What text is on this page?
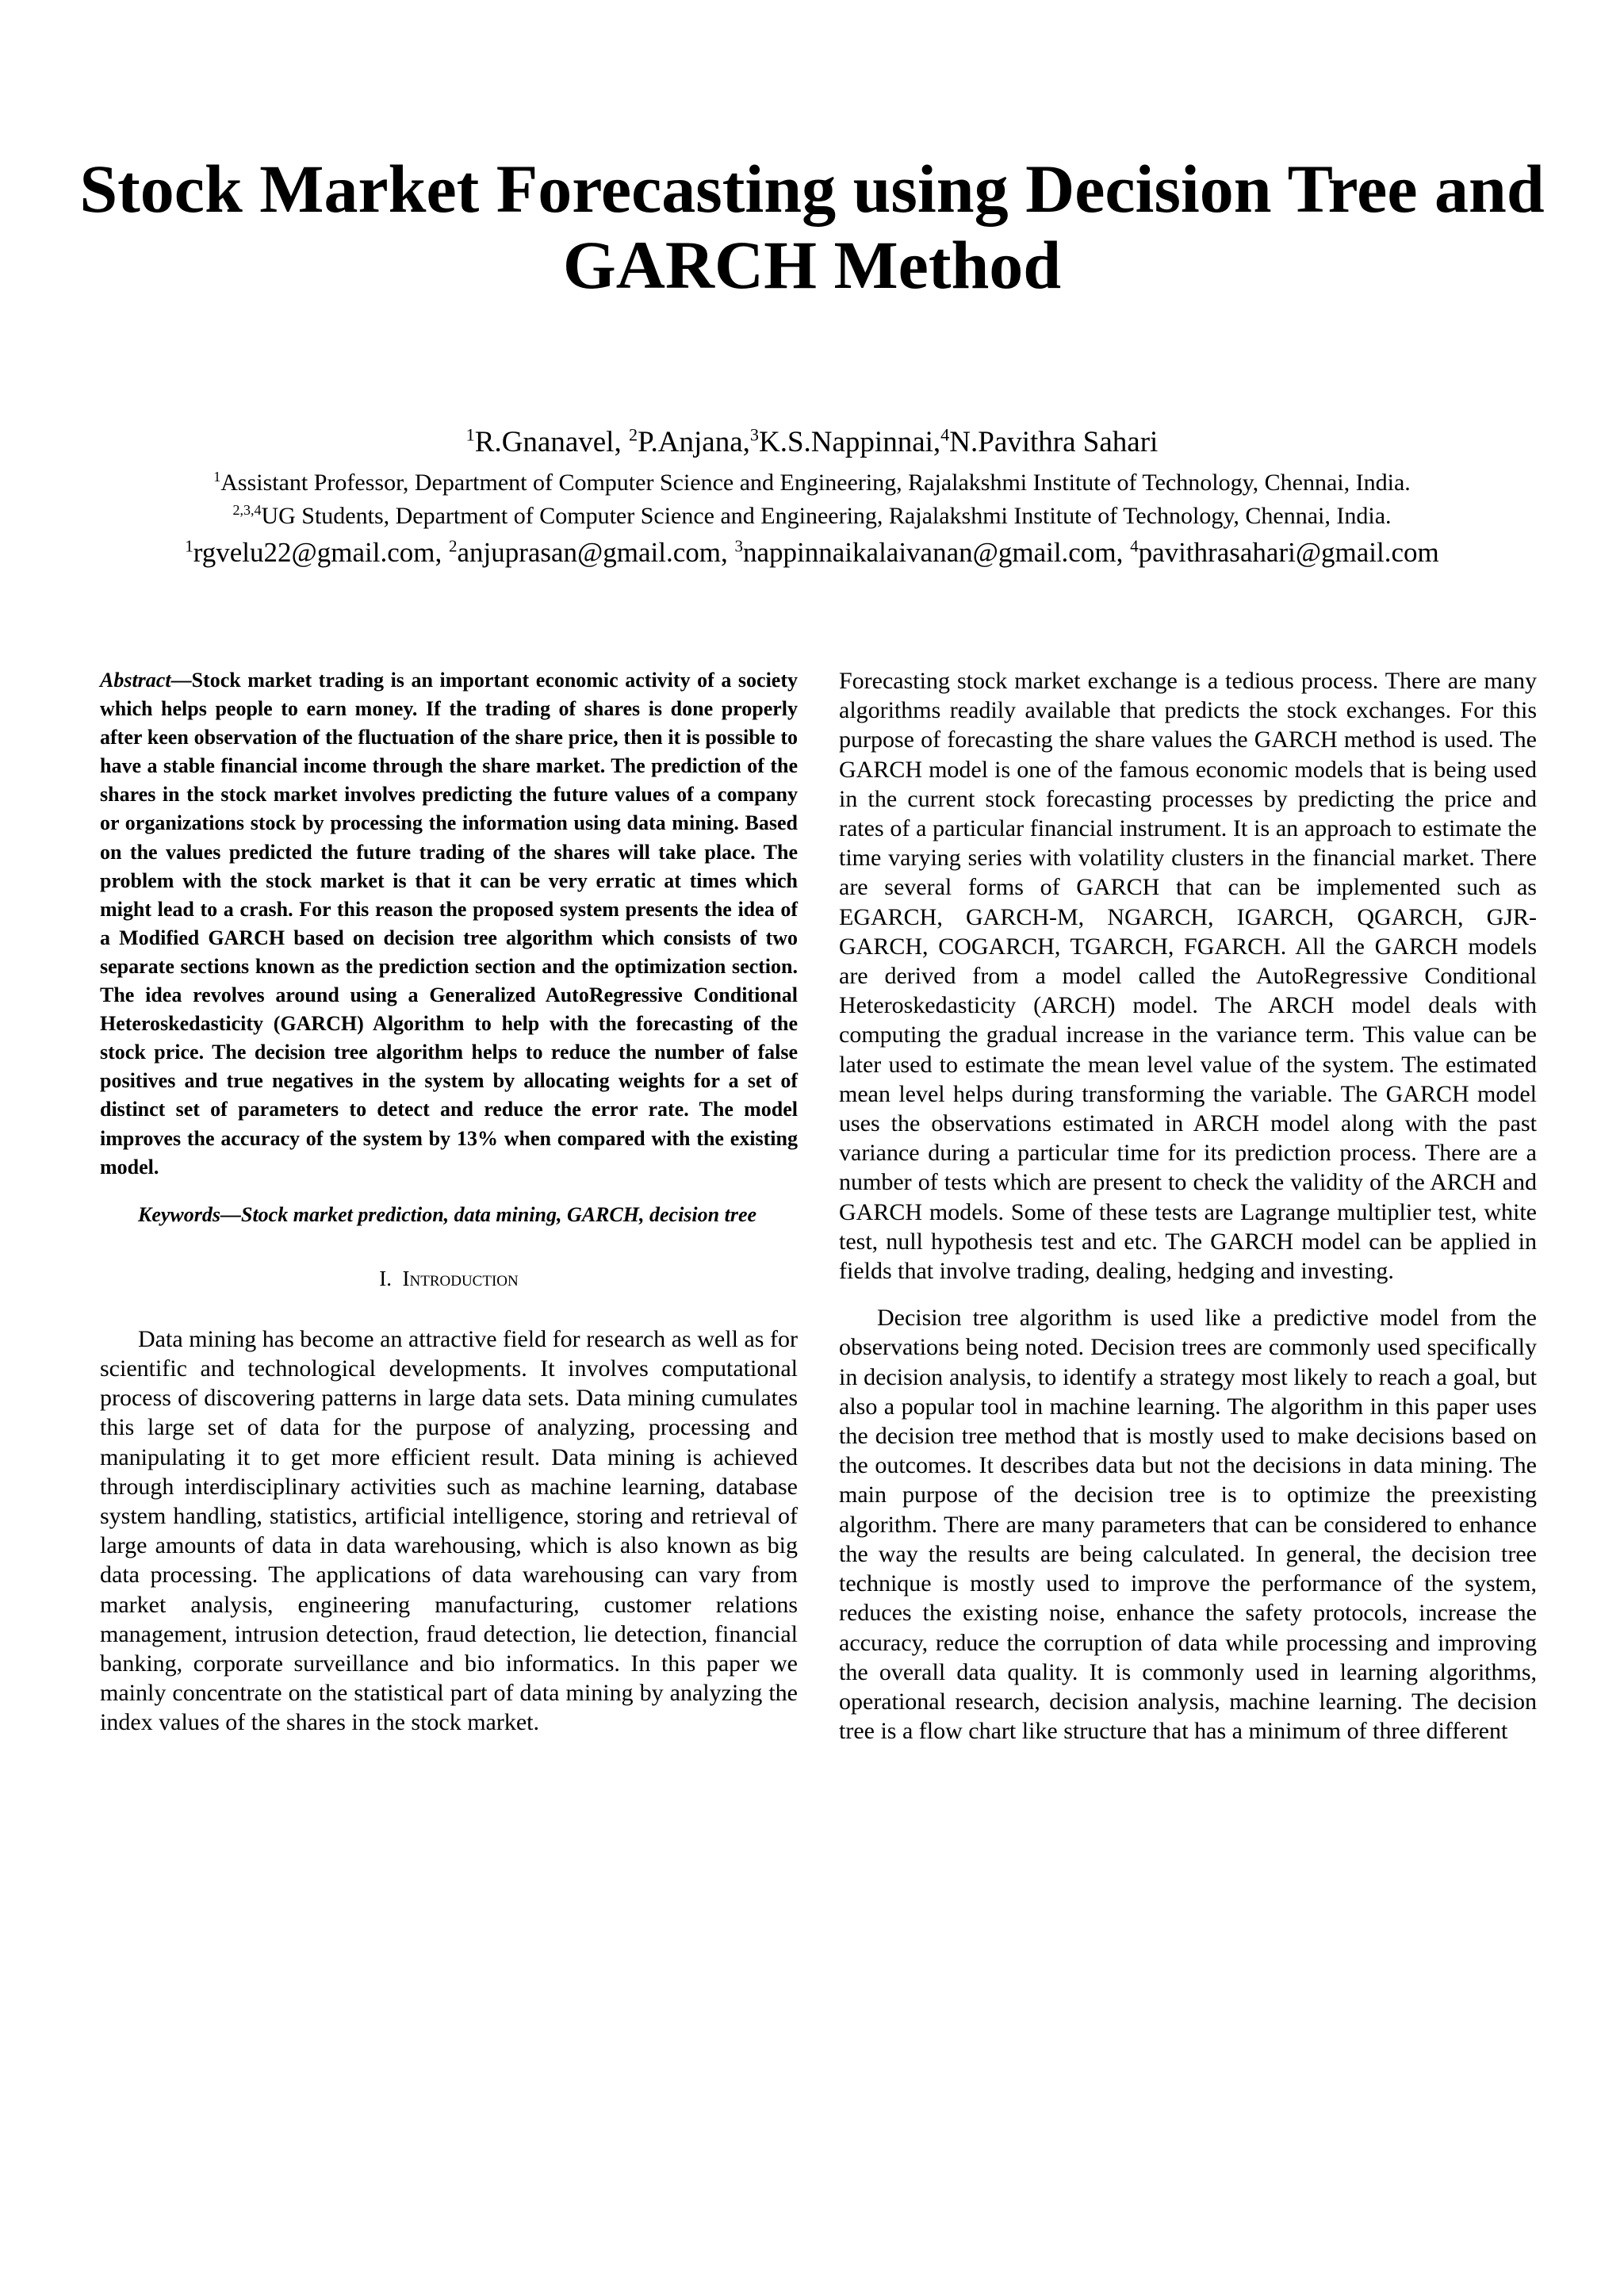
Stock Market Forecasting using Decision Tree and GARCH Method

$^1$R.Gnanavel, $^2$P.Anjana,$^3$K.S.Nappinnai,$^4$N.Pavithra Sahari

$^1$Assistant Professor, Department of Computer Science and Engineering, Rajalakshmi Institute of Technology, Chennai, India.

$^{2,3,4}$UG Students, Department of Computer Science and Engineering, Rajalakshmi Institute of Technology, Chennai, India.

$^1$rgvelu22@gmail.com, $^2$anjuprasan@gmail.com, $^3$nappinnaikalaivanan@gmail.com, $^4$pavithrasahari@gmail.com

Abstract—Stock market trading is an important economic activity of a society which helps people to earn money. If the trading of shares is done properly after keen observation of the fluctuation of the share price, then it is possible to have a stable financial income through the share market. The prediction of the shares in the stock market involves predicting the future values of a company or organizations stock by processing the information using data mining. Based on the values predicted the future trading of the shares will take place. The problem with the stock market is that it can be very erratic at times which might lead to a crash. For this reason the proposed system presents the idea of a Modified GARCH based on decision tree algorithm which consists of two separate sections known as the prediction section and the optimization section. The idea revolves around using a Generalized AutoRegressive Conditional Heteroskedasticity (GARCH) Algorithm to help with the forecasting of the stock price. The decision tree algorithm helps to reduce the number of false positives and true negatives in the system by allocating weights for a set of distinct set of parameters to detect and reduce the error rate. The model improves the accuracy of the system by 13% when compared with the existing model.

Keywords—Stock market prediction, data mining, GARCH, decision tree

I. Introduction

Data mining has become an attractive field for research as well as for scientific and technological developments. It involves computational process of discovering patterns in large data sets. Data mining cumulates this large set of data for the purpose of analyzing, processing and manipulating it to get more efficient result. Data mining is achieved through interdisciplinary activities such as machine learning, database system handling, statistics, artificial intelligence, storing and retrieval of large amounts of data in data warehousing, which is also known as big data processing. The applications of data warehousing can vary from market analysis, engineering manufacturing, customer relations management, intrusion detection, fraud detection, lie detection, financial banking, corporate surveillance and bio informatics. In this paper we mainly concentrate on the statistical part of data mining by analyzing the index values of the shares in the stock market.

Forecasting stock market exchange is a tedious process. There are many algorithms readily available that predicts the stock exchanges. For this purpose of forecasting the share values the GARCH method is used. The GARCH model is one of the famous economic models that is being used in the current stock forecasting processes by predicting the price and rates of a particular financial instrument. It is an approach to estimate the time varying series with volatility clusters in the financial market. There are several forms of GARCH that can be implemented such as EGARCH, GARCH-M, NGARCH, IGARCH, QGARCH, GJR-GARCH, COGARCH, TGARCH, FGARCH. All the GARCH models are derived from a model called the AutoRegressive Conditional Heteroskedasticity (ARCH) model. The ARCH model deals with computing the gradual increase in the variance term. This value can be later used to estimate the mean level value of the system. The estimated mean level helps during transforming the variable. The GARCH model uses the observations estimated in ARCH model along with the past variance during a particular time for its prediction process. There are a number of tests which are present to check the validity of the ARCH and GARCH models. Some of these tests are Lagrange multiplier test, white test, null hypothesis test and etc. The GARCH model can be applied in fields that involve trading, dealing, hedging and investing.

Decision tree algorithm is used like a predictive model from the observations being noted. Decision trees are commonly used specifically in decision analysis, to identify a strategy most likely to reach a goal, but also a popular tool in machine learning. The algorithm in this paper uses the decision tree method that is mostly used to make decisions based on the outcomes. It describes data but not the decisions in data mining. The main purpose of the decision tree is to optimize the preexisting algorithm. There are many parameters that can be considered to enhance the way the results are being calculated. In general, the decision tree technique is mostly used to improve the performance of the system, reduces the existing noise, enhance the safety protocols, increase the accuracy, reduce the corruption of data while processing and improving the overall data quality. It is commonly used in learning algorithms, operational research, decision analysis, machine learning. The decision tree is a flow chart like structure that has a minimum of three different
